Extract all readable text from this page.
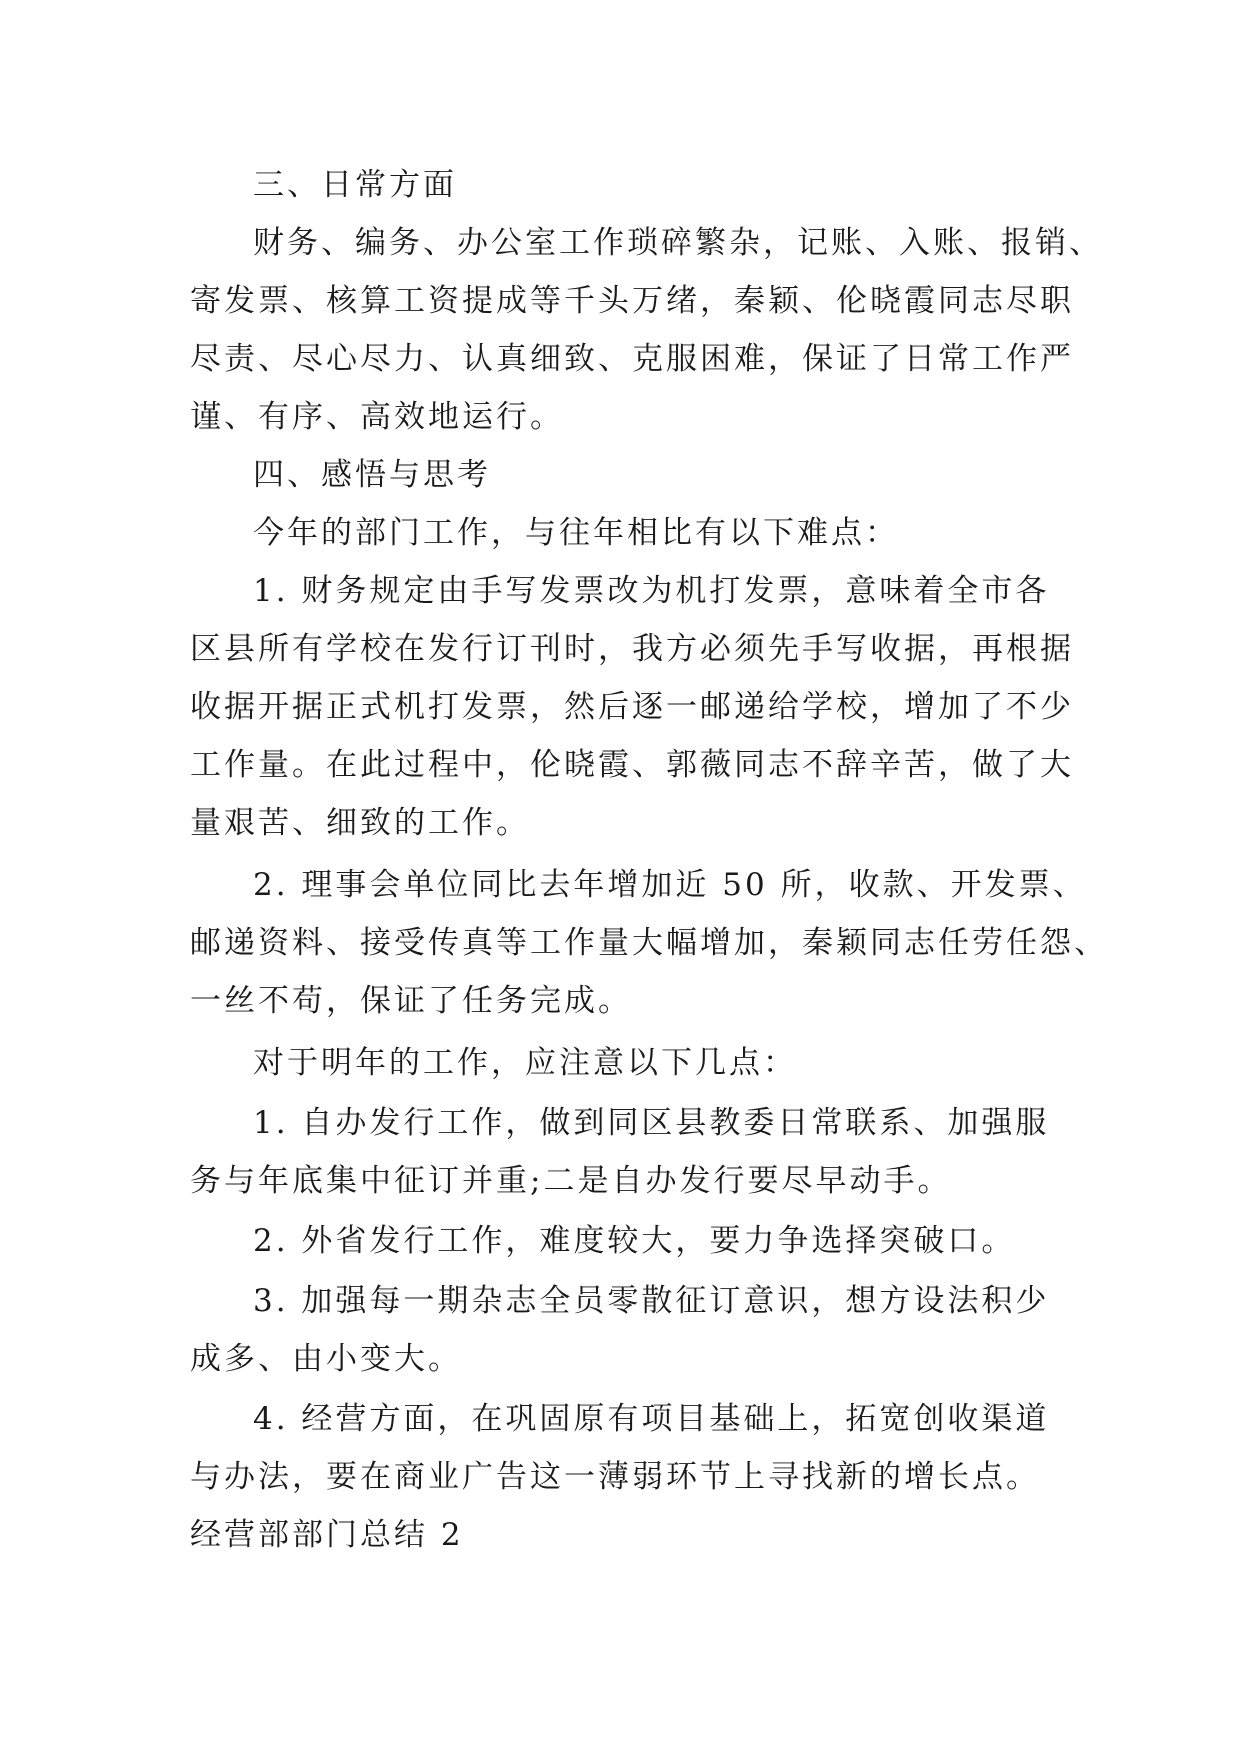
三、日常方面
财务、编务、办公室工作琐碎繁杂，记账、入账、报销、
寄发票、核算工资提成等千头万绪，秦颖、伦晓霞同志尽职
尽责、尽心尽力、认真细致、克服困难，保证了日常工作严
谨、有序、高效地运行。
四、感悟与思考
今年的部门工作，与往年相比有以下难点：
1. 财务规定由手写发票改为机打发票，意味着全市各
区县所有学校在发行订刊时，我方必须先手写收据，再根据
收据开据正式机打发票，然后逐一邮递给学校，增加了不少
工作量。在此过程中，伦晓霞、郭薇同志不辞辛苦，做了大
量艰苦、细致的工作。
2. 理事会单位同比去年增加近 50 所，收款、开发票、
邮递资料、接受传真等工作量大幅增加，秦颖同志任劳任怨、
一丝不苟，保证了任务完成。
对于明年的工作，应注意以下几点：
1. 自办发行工作，做到同区县教委日常联系、加强服
务与年底集中征订并重;二是自办发行要尽早动手。
2. 外省发行工作，难度较大，要力争选择突破口。
3. 加强每一期杂志全员零散征订意识，想方设法积少
成多、由小变大。
4. 经营方面，在巩固原有项目基础上，拓宽创收渠道
与办法，要在商业广告这一薄弱环节上寻找新的增长点。
经营部部门总结 2
